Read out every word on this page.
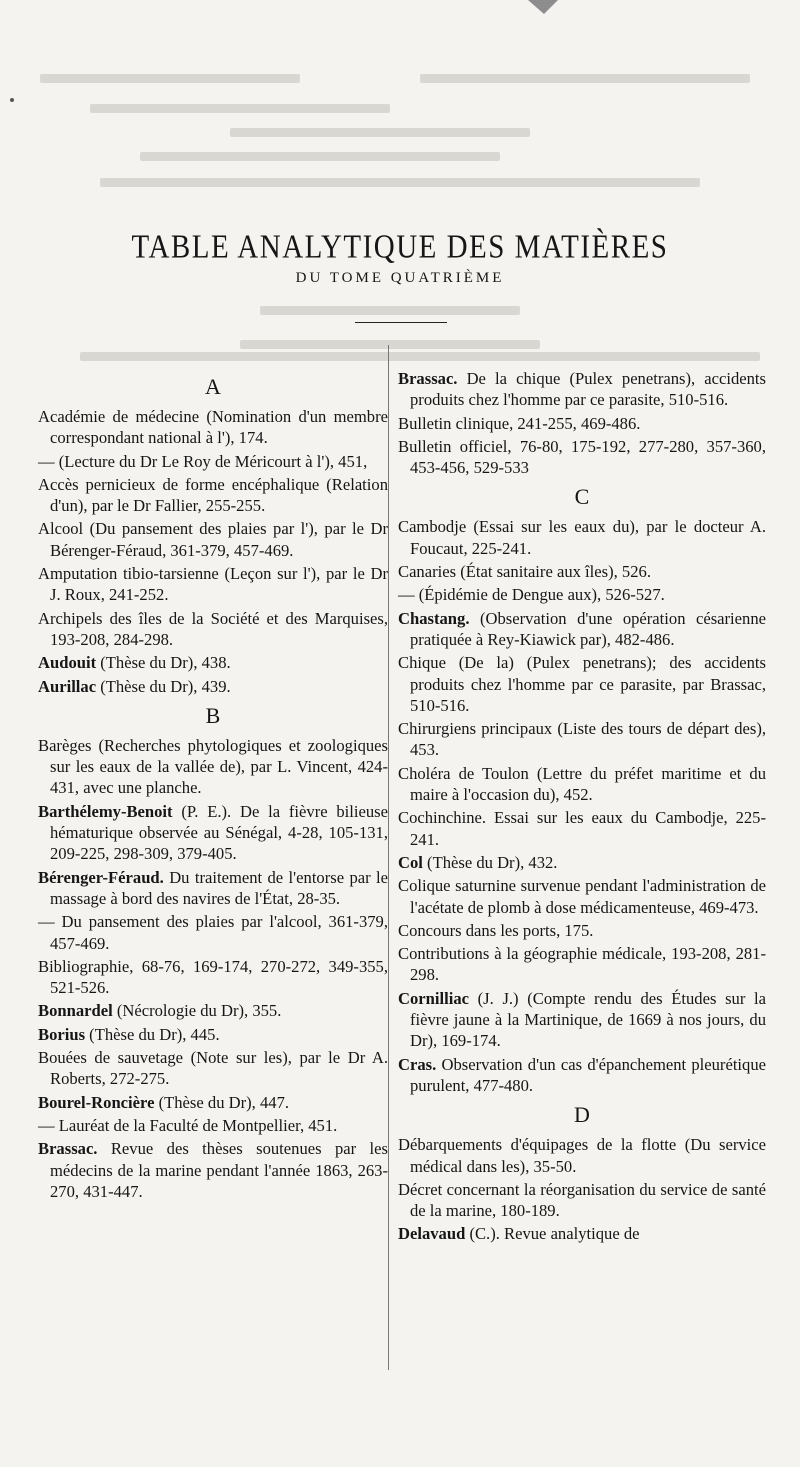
TABLE ANALYTIQUE DES MATIÈRES
DU TOME QUATRIÈME
A
Académie de médecine (Nomination d'un membre correspondant national à l'), 174.
— (Lecture du Dr Le Roy de Méricourt à l'), 451,
Accès pernicieux de forme encéphalique (Relation d'un), par le Dr Fallier, 255-255.
Alcool (Du pansement des plaies par l'), par le Dr Bérenger-Féraud, 361-379, 457-469.
Amputation tibio-tarsienne (Leçon sur l'), par le Dr J. Roux, 241-252.
Archipels des îles de la Société et des Marquises, 193-208, 284-298.
Audouit (Thèse du Dr), 438.
Aurillac (Thèse du Dr), 439.
B
Barèges (Recherches phytologiques et zoologiques sur les eaux de la vallée de), par L. Vincent, 424-431, avec une planche.
Barthélemy-Benoit (P. E.). De la fièvre bilieuse hématurique observée au Sénégal, 4-28, 105-131, 209-225, 298-309, 379-405.
Bérenger-Féraud. Du traitement de l'entorse par le massage à bord des navires de l'État, 28-35.
— Du pansement des plaies par l'alcool, 361-379, 457-469.
Bibliographie, 68-76, 169-174, 270-272, 349-355, 521-526.
Bonnardel (Nécrologie du Dr), 355.
Borius (Thèse du Dr), 445.
Bouées de sauvetage (Note sur les), par le Dr A. Roberts, 272-275.
Bourel-Roncière (Thèse du Dr), 447.
— Lauréat de la Faculté de Montpellier, 451.
Brassac. Revue des thèses soutenues par les médecins de la marine pendant l'année 1863, 263-270, 431-447.
Brassac. De la chique (Pulex penetrans), accidents produits chez l'homme par ce parasite, 510-516.
Bulletin clinique, 241-255, 469-486.
Bulletin officiel, 76-80, 175-192, 277-280, 357-360, 453-456, 529-533
C
Cambodje (Essai sur les eaux du), par le docteur A. Foucaut, 225-241.
Canaries (État sanitaire aux îles), 526.
— (Épidémie de Dengue aux), 526-527.
Chastang. (Observation d'une opération césarienne pratiquée à Rey-Kiawick par), 482-486.
Chique (De la) (Pulex penetrans); des accidents produits chez l'homme par ce parasite, par Brassac, 510-516.
Chirurgiens principaux (Liste des tours de départ des), 453.
Choléra de Toulon (Lettre du préfet maritime et du maire à l'occasion du), 452.
Cochinchine. Essai sur les eaux du Cambodje, 225-241.
Col (Thèse du Dr), 432.
Colique saturnine survenue pendant l'administration de l'acétate de plomb à dose médicamenteuse, 469-473.
Concours dans les ports, 175.
Contributions à la géographie médicale, 193-208, 281-298.
Cornilliac (J. J.) (Compte rendu des Études sur la fièvre jaune à la Martinique, de 1669 à nos jours, du Dr), 169-174.
Cras. Observation d'un cas d'épanchement pleurétique purulent, 477-480.
D
Débarquements d'équipages de la flotte (Du service médical dans les), 35-50.
Décret concernant la réorganisation du service de santé de la marine, 180-189.
Delavaud (C.). Revue analytique de
